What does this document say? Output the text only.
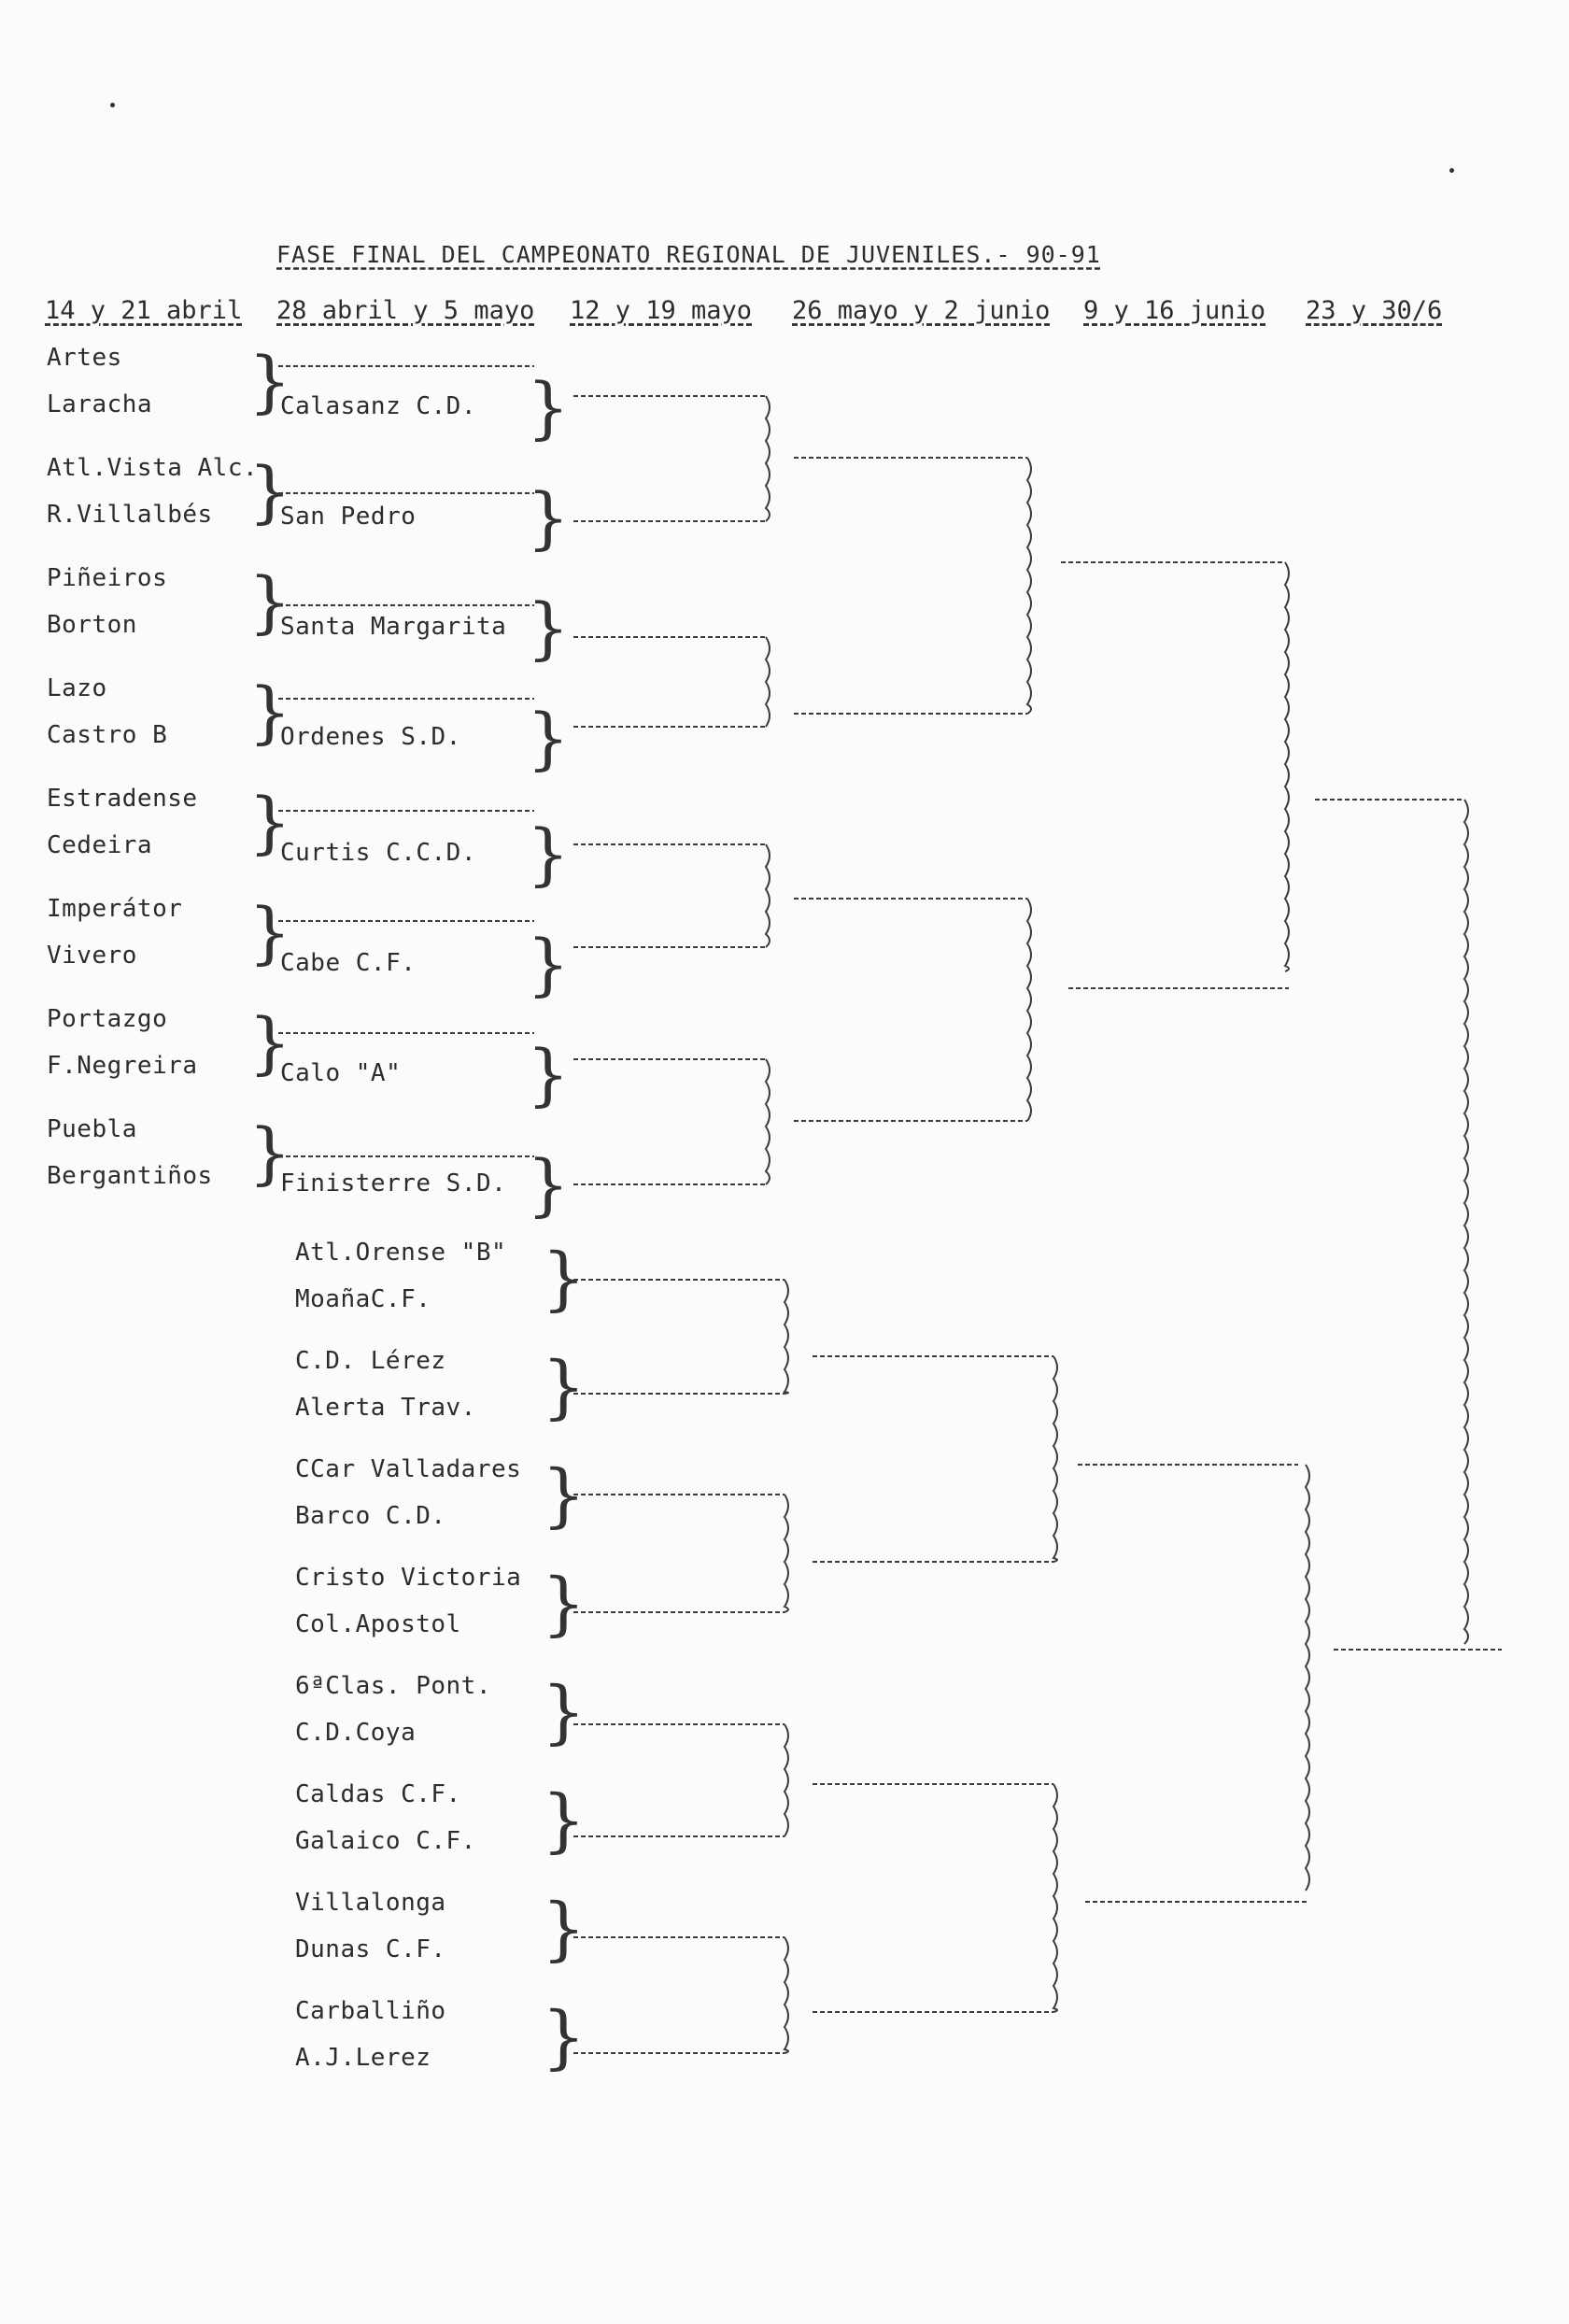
FASE FINAL DEL CAMPEONATO REGIONAL DE JUVENILES.- 90-91
14 y 21 abril 28 abril y 5 mayo 12 y 19 mayo 26 mayo y 2 junio 9 y 16 junio 23 y 30/6
Artes
Laracha }
Atl.Vista Alc.
R.Villalbés }
Piñeiros
Borton }
Lazo
Castro B }
Estradense
Cedeira }
Imperátor
Vivero }
Portazgo
F.Negreira }
Puebla
Bergantiños }
Calasanz C.D.
San Pedro
Santa Margarita
Ordenes S.D.
Curtis C.C.D.
Cabe C.F.
Calo "A"
Finisterre S.D.
Atl.Orense "B"
MoañaC.F. }
C.D. Lérez
Alerta Trav. }
CCar Valladares
Barco C.D. }
Cristo Victoria
Col.Apostol }
6ªClas. Pont.
C.D.Coya }
Caldas C.F.
Galaico C.F. }
Villalonga
Dunas C.F. }
Carballiño
A.J.Lerez }
}
}
}
}
}
}
}
}
